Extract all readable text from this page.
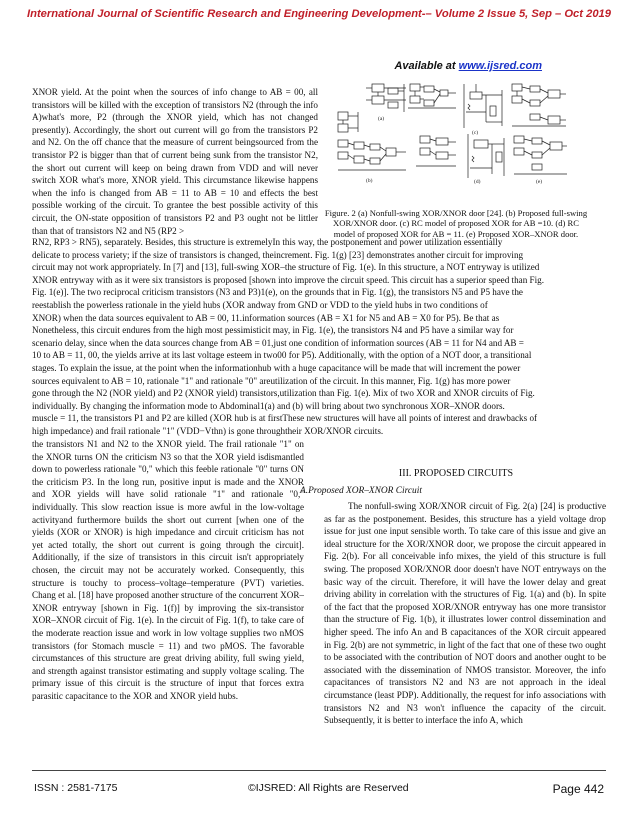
International Journal of Scientific Research and Engineering Development-– Volume 2 Issue 5, Sep – Oct 2019
Available at www.ijsred.com

XNOR yield. At the point when the sources of info change to AB = 00, all transistors will be killed with the exception of transistors N2 (through the info A)what's more, P2 (through the XNOR yield, which has not changed presently). Accordingly, the short out current will go from the transistors P2 and N2. On the off chance that the measure of current beingsourced from the transistor P2 is bigger than that of current being sunk from the transistor N2, the short out current will keep on being drawn from VDD and will never switch XOR what's more, XNOR yield. This circumstance likewise happens when the info is changed from AB = 11 to AB = 10 and effects the best possible working of the circuit. To grantee the best possible activity of this circuit, the ON-state opposition of transistors P2 and P3 ought not be littler than that of transistors N2 and N5 (RP2 >

(a)
(b)
(c)
(d)	(e)
Figure. 2 (a) Nonfull-swing XOR/XNOR door [24]. (b) Proposed full-swing XOR/XNOR door. (c) RC model of proposed XOR for AB =10. (d) RC model of proposed XOR for AB = 11. (e) Proposed XOR–XNOR door.

RN2, RP3 > RN5), separately. Besides, this structure is extremelyIn this way, the postponement and power utilization essentially

delicate to process variety; if the size of transistors is changed, theincrement. Fig. 1(g) [23] demonstrates another circuit for improving

circuit may not work appropriately. In [7] and [13], full-swing XOR–the structure of Fig. 1(e). In this structure, a NOT entryway is utilized

XNOR entryway with as it were six transistors is proposed [shown into improve the circuit speed. This circuit has a superior speed than Fig.

Fig. 1(e)]. The two reciprocal criticism transistors (N3 and P3)1(e), on the grounds that in Fig. 1(g), the transistors N5 and P5 have the

reestablish the powerless rationale in the yield hubs (XOR andway from GND or VDD to the yield hubs in two conditions of

XNOR) when the data sources equivalent to AB = 00, 11.information sources (AB = X1 for N5 and AB = X0 for P5). Be that as

Nonetheless, this circuit endures from the high most pessimisticit may, in Fig. 1(e), the transistors N4 and P5 have a similar way for

scenario delay, since when the data sources change from AB = 01,just one condition of information sources (AB = 11 for N4 and AB =

10 to AB = 11, 00, the yields arrive at its last voltage esteem in two00 for P5). Additionally, with the option of a NOT door, a transitional

stages. To explain the issue, at the point when the informationhub with a huge capacitance will be made that will increment the power

sources equivalent to AB = 10, rationale "1" and rationale "0" areutilization of the circuit. In this manner, Fig. 1(g) has more power

gone through the N2 (NOR yield) and P2 (XNOR yield) transistors,utilization than Fig. 1(e). Mix of two XOR and XNOR circuits of Fig.

individually. By changing the information mode to Abdominal1(a) and (b) will bring about two synchronous XOR–XNOR doors.

muscle = 11, the transistors P1 and P2 are killed (XOR hub is at firstThese new structures will have all points of interest and drawbacks of

high impedance) and frail rationale "1" (VDD−Vthn) is gone throughtheir XOR/XNOR circuits.

the transistors N1 and N2 to the XNOR yield. The frail rationale "1" on the XNOR turns ON the criticism N3 so that the XOR yield isdismantled down to powerless rationale "0," which this feeble rationale "0" turns ON the criticism P3. In the long run, positive input is made and the XNOR and XOR yields will have solid rationale "1" and rationale "0," individually. This slow reaction issue is more awful in the low-voltage activityand furthermore builds the short out current [when one of the yields (XOR or XNOR) is high impedance and circuit criticism has not yet acted totally, the short out current is going through the circuit]. Additionally, if the size of transistors in this circuit isn't appropriately chosen, the circuit may not be accurately worked. Consequently, this structure is touchy to process–voltage–temperature (PVT) varieties. Chang et al. [18] have proposed another structure of the concurrent XOR–XNOR entryway [shown in Fig. 1(f)] by improving the six-transistor XOR–XNOR circuit of Fig. 1(e). In the circuit of Fig. 1(f), to take care of the moderate reaction issue and work in low voltage supplies two nMOS transistors (for Stomach muscle = 11) and two pMOS. The favorable circumstances of this structure are great driving ability, full swing yield, and strength against transistor estimating and supply voltage scaling. The primary issue of this circuit is the structure of input that forces extra parasitic capacitance to the XOR and XNOR yield hubs.

III. PROPOSED CIRCUITS
A.Proposed XOR–XNOR Circuit

The nonfull-swing XOR/XNOR circuit of Fig. 2(a) [24] is productive as far as the postponement. Besides, this structure has a yield voltage drop issue for just one input sensible worth. To take care of this issue and give an ideal structure for the XOR/XNOR door, we propose the circuit appeared in Fig. 2(b). For all conceivable info mixes, the yield of this structure is full swing. The proposed XOR/XNOR door doesn't have NOT entryways on the basic way of the circuit. Therefore, it will have the lower delay and great driving ability in correlation with the structures of Fig. 1(a) and (b). In spite of the fact that the proposed XOR/XNOR entryway has one more transistor than the structure of Fig. 1(b), it illustrates lower control dissemination and higher speed. The info An and B capacitances of the XOR circuit appeared in Fig. 2(b) are not symmetric, in light of the fact that one of these two ought to be associated with the contribution of NOT doors and another ought to be associated with the dissemination of NMOS transistor. Moreover, the info capacitances of transistors N2 and N3 are not approach in the ideal circumstance (least PDP). Additionally, the request for info associations with transistors N2 and N3 won't influence the capacity of the circuit. Subsequently, it is better to interface the info A, which

ISSN : 2581-7175	©IJSRED: All Rights are Reserved	Page 442
